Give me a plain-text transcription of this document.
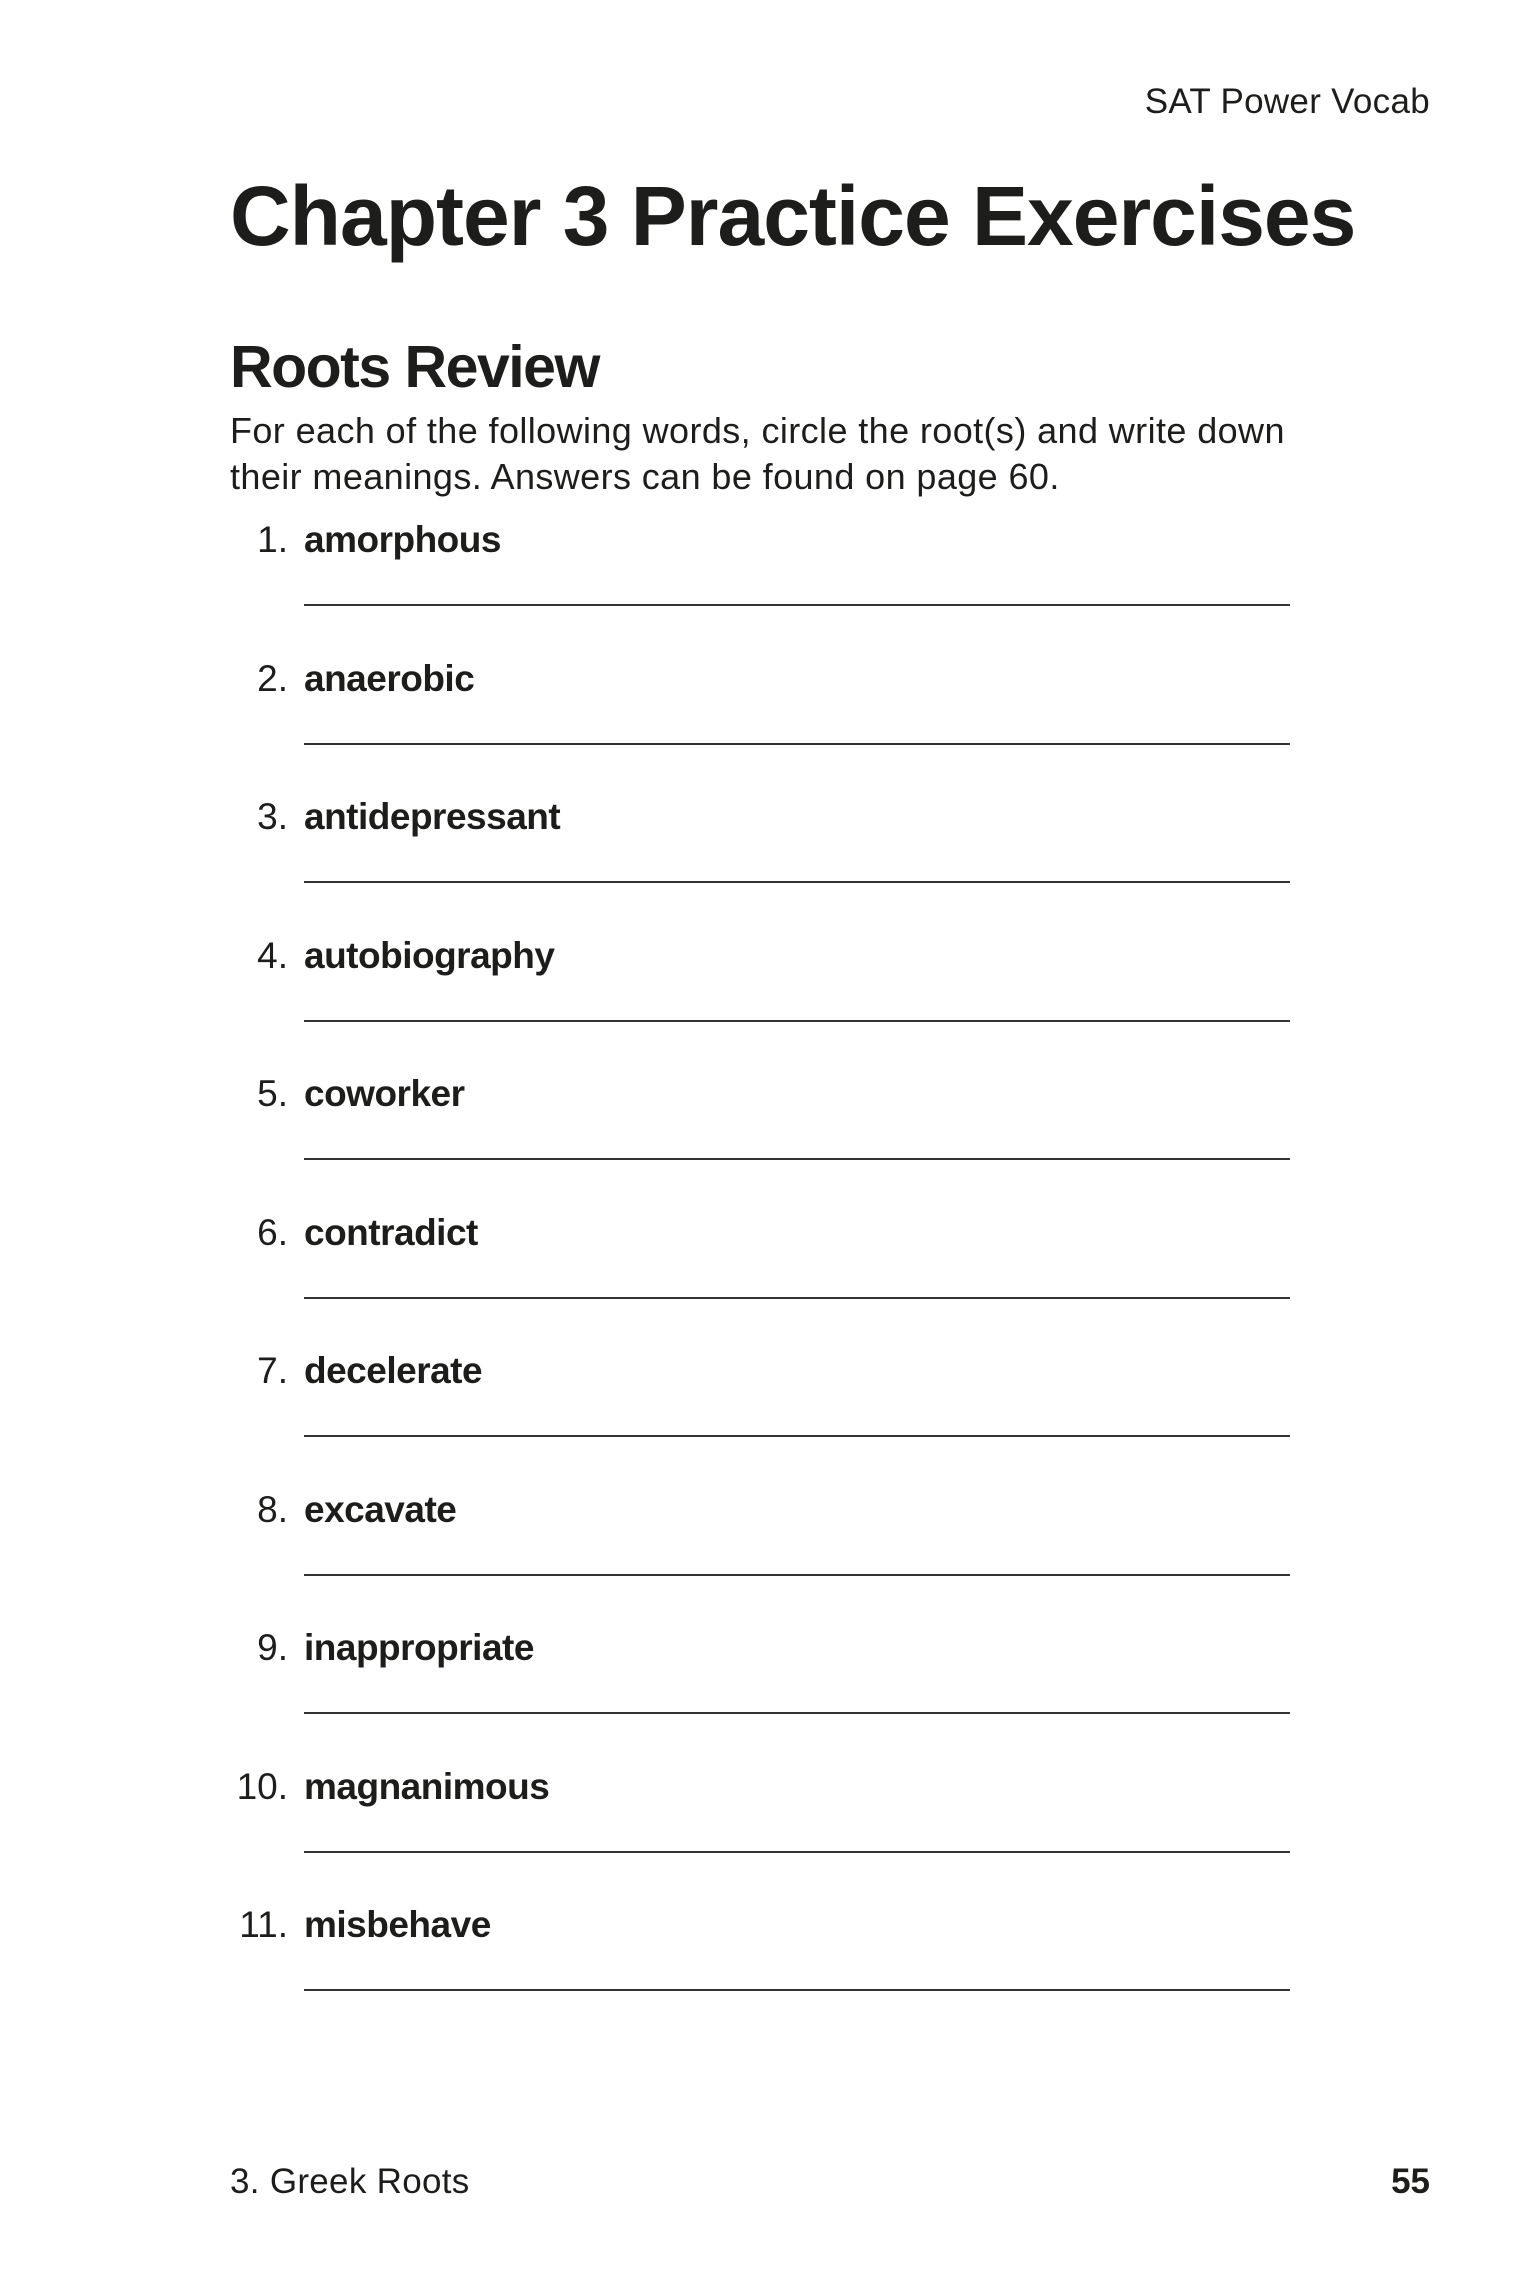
SAT Power Vocab
Chapter 3 Practice Exercises
Roots Review

For each of the following words, circle the root(s) and write down their meanings. Answers can be found on page 60.

1. amorphous
2. anaerobic
3. antidepressant
4. autobiography
5. coworker
6. contradict
7. decelerate
8. excavate
9. inappropriate
10. magnanimous
11. misbehave
3. Greek Roots	55
